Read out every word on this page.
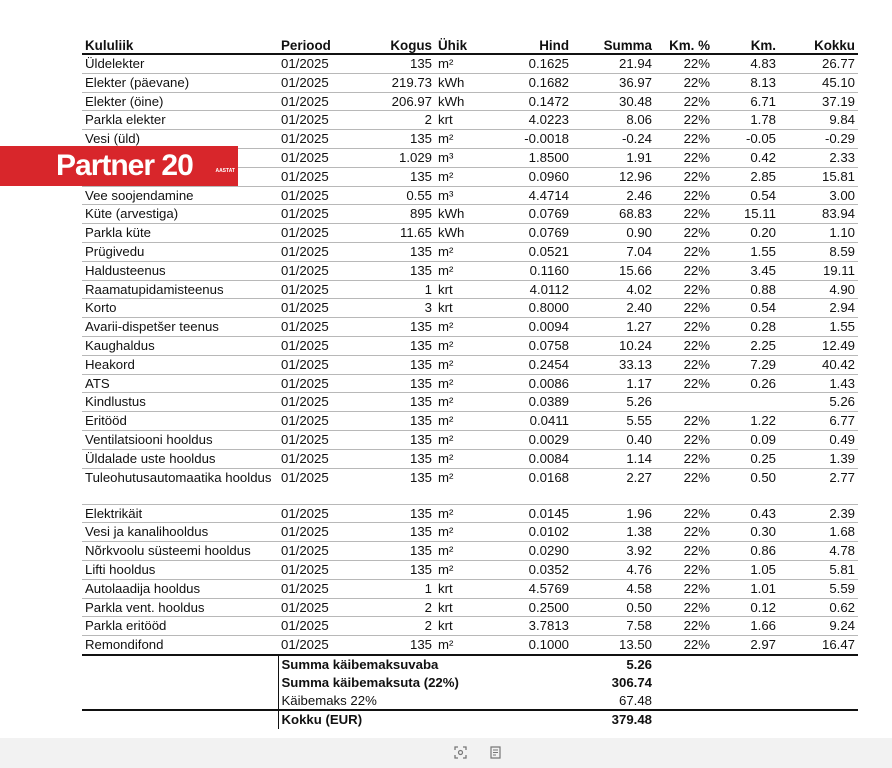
Kululiik	Periood	Kogus	Ühik	Hind	Summa	Km. %	Km.	Kokku
Üldelekter	01/2025	135	m²	0.1625	21.94	22%	4.83	26.77
Elekter (päevane)	01/2025	219.73	kWh	0.1682	36.97	22%	8.13	45.10
Elekter (öine)	01/2025	206.97	kWh	0.1472	30.48	22%	6.71	37.19
Parkla elekter	01/2025	2	krt	4.0223	8.06	22%	1.78	9.84
Vesi (üld)	01/2025	135	m²	-0.0018	-0.24	22%	-0.05	-0.29
	01/2025	1.029	m³	1.8500	1.91	22%	0.42	2.33
	01/2025	135	m²	0.0960	12.96	22%	2.85	15.81
Vee soojendamine	01/2025	0.55	m³	4.4714	2.46	22%	0.54	3.00
Küte (arvestiga)	01/2025	895	kWh	0.0769	68.83	22%	15.11	83.94
Parkla küte	01/2025	11.65	kWh	0.0769	0.90	22%	0.20	1.10
Prügivedu	01/2025	135	m²	0.0521	7.04	22%	1.55	8.59
Haldusteenus	01/2025	135	m²	0.1160	15.66	22%	3.45	19.11
Raamatupidamisteenus	01/2025	1	krt	4.0112	4.02	22%	0.88	4.90
Korto	01/2025	3	krt	0.8000	2.40	22%	0.54	2.94
Avarii-dispetšer teenus	01/2025	135	m²	0.0094	1.27	22%	0.28	1.55
Kaughaldus	01/2025	135	m²	0.0758	10.24	22%	2.25	12.49
Heakord	01/2025	135	m²	0.2454	33.13	22%	7.29	40.42
ATS	01/2025	135	m²	0.0086	1.17	22%	0.26	1.43
Kindlustus	01/2025	135	m²	0.0389	5.26			5.26
Eritööd	01/2025	135	m²	0.0411	5.55	22%	1.22	6.77
Ventilatsiooni hooldus	01/2025	135	m²	0.0029	0.40	22%	0.09	0.49
Üldalade uste hooldus	01/2025	135	m²	0.0084	1.14	22%	0.25	1.39
Tuleohutusautomaatika hooldus	01/2025	135	m²	0.0168	2.27	22%	0.50	2.77
Elektrikäit	01/2025	135	m²	0.0145	1.96	22%	0.43	2.39
Vesi ja kanalihooldus	01/2025	135	m²	0.0102	1.38	22%	0.30	1.68
Nõrkvoolu süsteemi hooldus	01/2025	135	m²	0.0290	3.92	22%	0.86	4.78
Lifti hooldus	01/2025	135	m²	0.0352	4.76	22%	1.05	5.81
Autolaadija hooldus	01/2025	1	krt	4.5769	4.58	22%	1.01	5.59
Parkla vent. hooldus	01/2025	2	krt	0.2500	0.50	22%	0.12	0.62
Parkla eritööd	01/2025	2	krt	3.7813	7.58	22%	1.66	9.24
Remondifond	01/2025	135	m²	0.1000	13.50	22%	2.97	16.47
	Summa käibemaksuvaba	5.26	
	Summa käibemaksuta (22%)	306.74	
	Käibemaks 22%	67.48	
	Kokku (EUR)	379.48	
Partner 20	AASTAT
